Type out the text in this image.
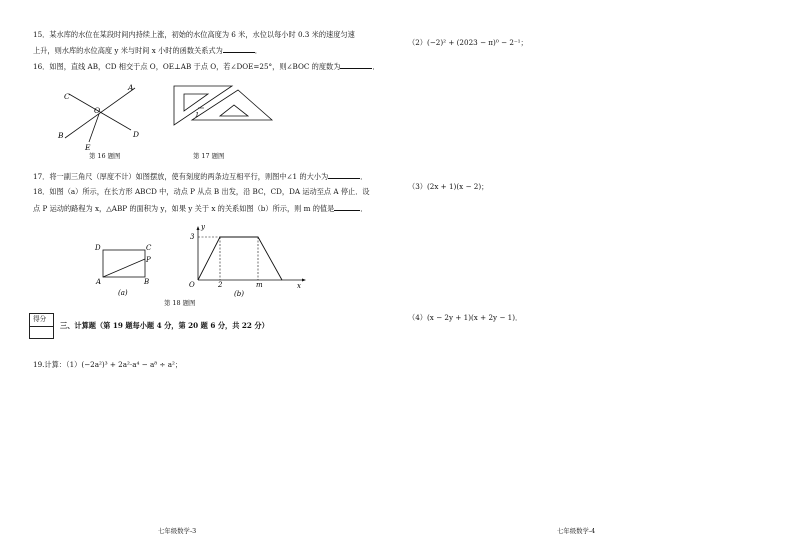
15．某水库的水位在某段时间内持续上涨，初始的水位高度为 6 米，水位以每小时 0.3 米的速度匀速
上升，则水库的水位高度 y 米与时间 x 小时的函数关系式为	．
16．如图，直线 AB，CD 相交于点 O，OE⊥AB 于点 O，若∠DOE=25°，则∠BOC 的度数为	．
C
A
O
B	D
E
第 16 题图
1
第 17 题图
17．将一副三角尺（厚度不计）如图摆放，使有刻度的两条边互相平行，则图中∠1 的大小为	．
18．如图（a）所示，在长方形 ABCD 中，动点 P 从点 B 出发，沿 BC，CD，DA 运动至点 A 停止．设
点 P 运动的路程为 x，△ABP 的面积为 y，如果 y 关于 x 的关系如图（b）所示，则 m 的值是	．
D	C
P
A	B
(a)
y
3
O	2	m	x
(b)
第 18 题图
得分
三、计算题（第 19 题每小题 4 分，第 20 题 6 分，共 22 分）
19.计算：（1）(−2a²)³ + 2a²·a⁴ − a⁸ ÷ a²；
七年级数学-3
（2）(−2)² + (2023 − π)⁰ − 2⁻¹；
（3）(2x + 1)(x − 2)；
（4）(x − 2y + 1)(x + 2y − 1)．
七年级数学-4
